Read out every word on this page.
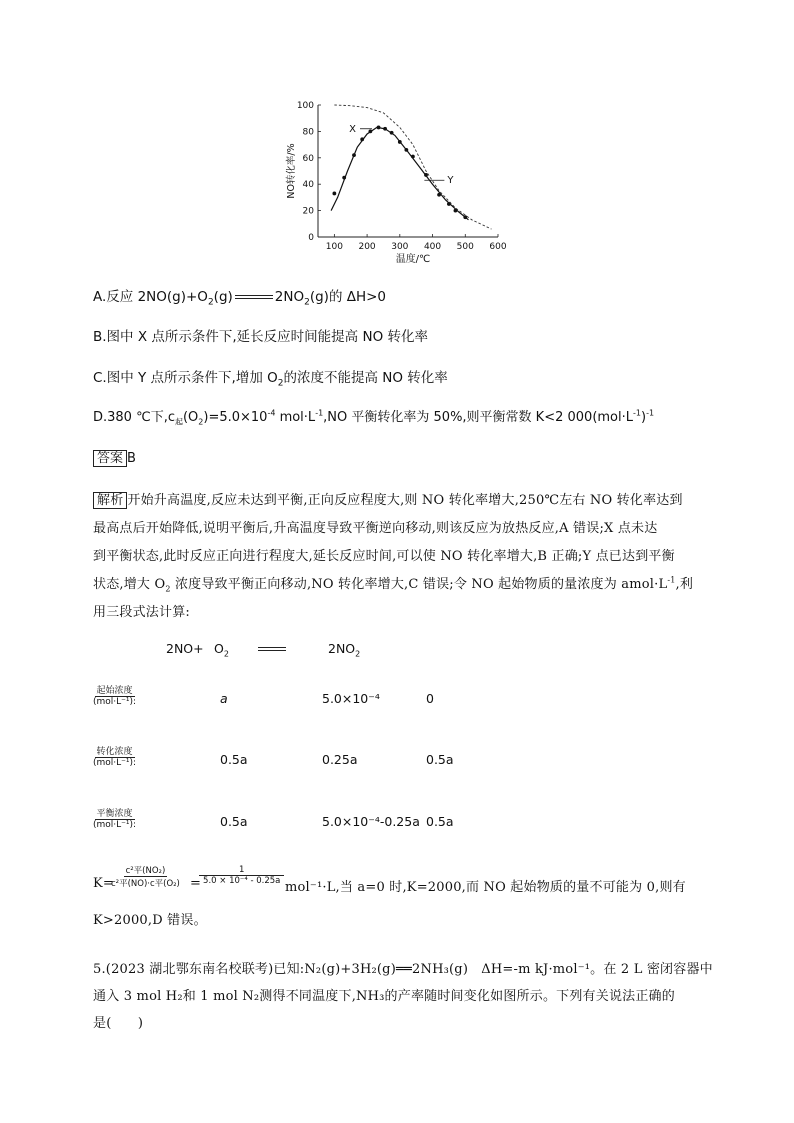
0
20
40
60
80
100
100 200 300 400 500 600
温度/℃
NO转化率/%
X
Y
A.反应 $2NO(g)+O_2(g)$	$2NO_2(g)$的 ΔH>0
B.图中 X 点所示条件下,延长反应时间能提高 NO 转化率
C.图中 Y 点所示条件下,增加 $O_2$的浓度不能提高 NO 转化率
D.380 ℃下$,c_起(O_2)=5.0\times 10^{-4}$ $mol\cdot L^{-1},NO$ 平衡转化率为 50%,则平衡常数 K<2 $000(mol\cdot L^{-1})^{-1}$
答案 B
解析 开始升高温度,反应未达到平衡,正向反应程度大,则 NO 转化率增大,250℃左右 NO 转化率达到
最高点后开始降低,说明平衡后,升高温度导致平衡逆向移动,则该反应为放热反应,A 错误;X 点未达
到平衡状态,此时反应正向进行程度大,延长反应时间,可以使 NO 转化率增大,B 正确;Y 点已达到平衡
状态,增大 $O_2$ 浓度导致平衡正向移动,NO 转化率增大,C 错误;令 NO 起始物质的量浓度为 $amol\cdot L^{-1}$,利
用三段式法计算:
$2NO+ O_2$	$2NO_2$
起始浓度
(mol·L⁻¹):	a	5.0×10⁻⁴	0
转化浓度
(mol·L⁻¹):	0.5a	0.25a	0.5a
平衡浓度
(mol·L⁻¹):	0.5a	5.0×10⁻⁴-0.25a 0.5a
K=
c²平(NO₂)
c²平(NO)·c平(O₂) =
$\frac{1}{\text{5.0 × 10⁻⁴ - 0.25a}}$
mol⁻¹·L,当 a=0 时,K=2000,而 NO 起始物质的量不可能为 0,则有
K>2000,D 错误。
5.(2023 湖北鄂东南名校联考)已知:N₂(g)+3H₂(g)══2NH₃(g)　ΔH=-m kJ·mol⁻¹。在 2 L 密闭容器中
通入 3 mol H₂和 1 mol N₂测得不同温度下,NH₃的产率随时间变化如图所示。下列有关说法正确的
是(　　)
